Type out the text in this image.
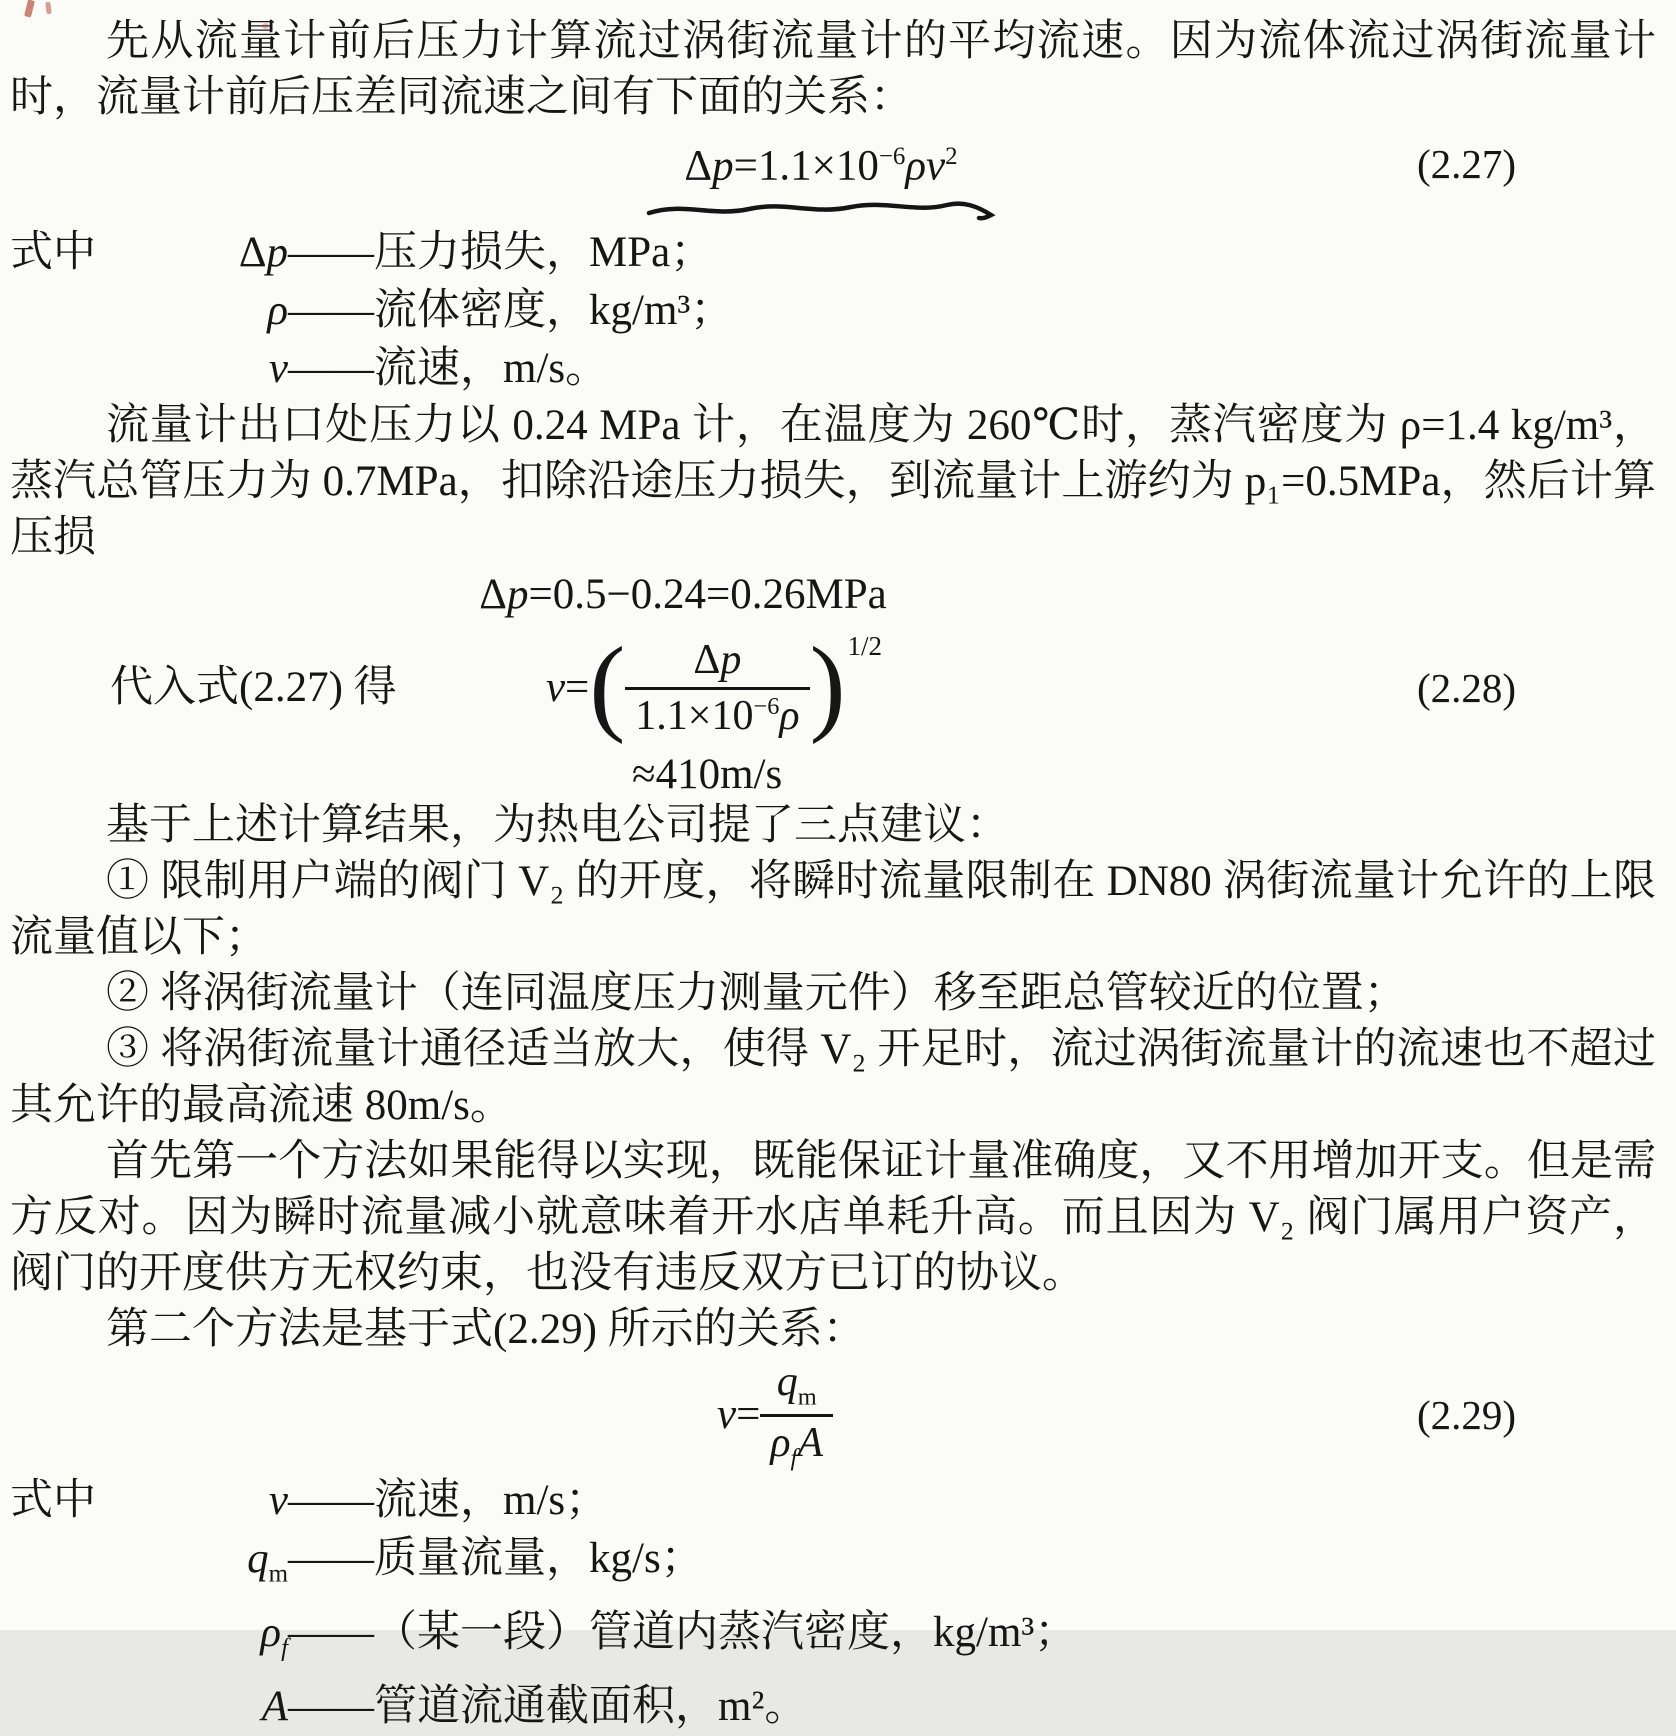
先从流量计前后压力计算流过涡街流量计的平均流速。因为流体流过涡街流量计时，流量计前后压差同流速之间有下面的关系：

$\Delta p=1.1\times 10^{-6}\rho v^2$	(2.27)
式中	Δp ——压力损失，MPa；
ρ ——流体密度，kg/m³；
v ——流速，m/s。

流量计出口处压力以 0.24 MPa 计，在温度为 260℃时，蒸汽密度为 ρ=1.4 kg/m³，蒸汽总管压力为 0.7MPa，扣除沿途压力损失，到流量计上游约为 p₁=0.5MPa，然后计算压损

Δp=0.5−0.24=0.26MPa
代入式(2.27) 得	v = ( $\frac{\Delta p}{1.1\times 10^{-6}\rho}$ ) 1/2
(2.28)
≈410m/s

基于上述计算结果，为热电公司提了三点建议：

① 限制用户端的阀门 V₂ 的开度，将瞬时流量限制在 DN80 涡街流量计允许的上限流量值以下；

② 将涡街流量计（连同温度压力测量元件）移至距总管较近的位置；

③ 将涡街流量计通径适当放大，使得 V₂ 开足时，流过涡街流量计的流速也不超过其允许的最高流速 80m/s。

首先第一个方法如果能得以实现，既能保证计量准确度，又不用增加开支。但是需方反对。因为瞬时流量减小就意味着开水店单耗升高。而且因为 V₂ 阀门属用户资产，阀门的开度供方无权约束，也没有违反双方已订的协议。

第二个方法是基于式(2.29) 所示的关系：

$v = \frac{q_m}{\rho_fA}$	(2.29)
式中	v ——流速，m/s；
$q_m$ ——质量流量，kg/s；
$\rho_f$ ——（某一段）管道内蒸汽密度，kg/m³；
A ——管道流通截面积，m²。
